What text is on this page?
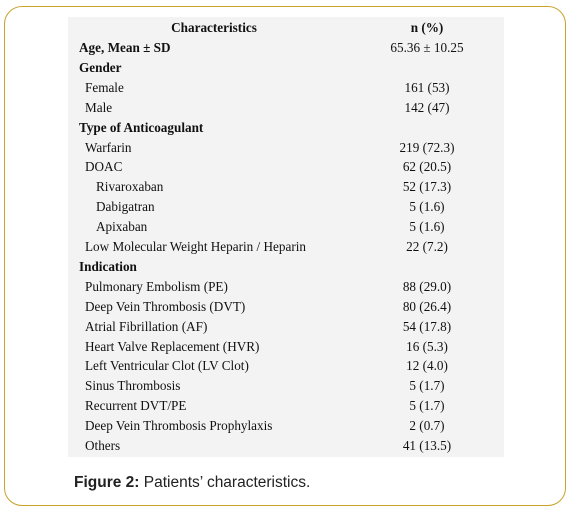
Characteristics	n (%)
Age, Mean ± SD	65.36 ± 10.25
Gender
Female	161 (53)
Male	142 (47)
Type of Anticoagulant
Warfarin	219 (72.3)
DOAC	62 (20.5)
Rivaroxaban	52 (17.3)
Dabigatran	5 (1.6)
Apixaban	5 (1.6)
Low Molecular Weight Heparin / Heparin	22 (7.2)
Indication
Pulmonary Embolism (PE)	88 (29.0)
Deep Vein Thrombosis (DVT)	80 (26.4)
Atrial Fibrillation (AF)	54 (17.8)
Heart Valve Replacement (HVR)	16 (5.3)
Left Ventricular Clot (LV Clot)	12 (4.0)
Sinus Thrombosis	5 (1.7)
Recurrent DVT/PE	5 (1.7)
Deep Vein Thrombosis Prophylaxis	2 (0.7)
Others	41 (13.5)
Figure 2: Patients’ characteristics.
